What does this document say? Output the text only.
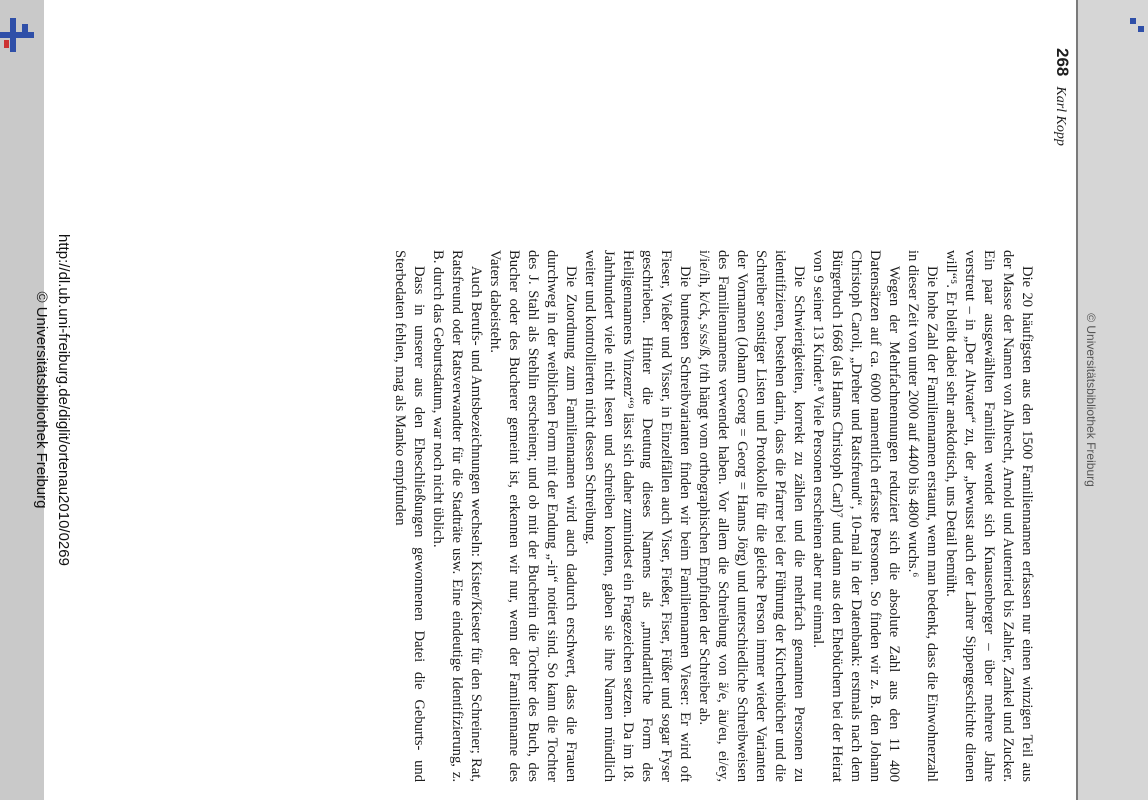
© Universitätsbibliothek Freiburg
268
Karl Kopp

Die 20 häufigsten aus den 1500 Familiennamen erfassen nur einen winzigen Teil aus der Masse der Namen von Albrecht, Arnold und Autenried bis Zahler, Zankel und Zucker. Ein paar ausgewählten Familien wendet sich Knausenberger – über mehrere Jahre verstreut – in „Der Altvater“ zu, der „bewusst auch der Lahrer Sippengeschichte dienen will“⁵. Er bleibt dabei sehr anekdotisch, uns Detail bemüht.

Die hohe Zahl der Familiennamen erstaunt, wenn man bedenkt, dass die Einwohnerzahl in dieser Zeit von unter 2000 auf 4400 bis 4800 wuchs.⁶

Wegen der Mehrfachnennungen reduziert sich die absolute Zahl aus den 11 400 Datensätzen auf ca. 6000 namentlich erfasste Personen. So finden wir z. B. den Johann Christoph Caroli, „Dreher und Ratsfreund“, 10-mal in der Datenbank: erstmals nach dem Bürgerbuch 1668 (als Hanns Christoph Carl)⁷ und dann aus den Ehebüchern bei der Heirat von 9 seiner 13 Kinder.⁸ Viele Personen erscheinen aber nur einmal.

Die Schwierigkeiten, korrekt zu zählen und die mehrfach genannten Personen zu identifizieren, bestehen darin, dass die Pfarrer bei der Führung der Kirchenbücher und die Schreiber sonstiger Listen und Protokolle für die gleiche Person immer wieder Varianten der Vornamen (Johann Georg = Georg = Hanns Jörg) und unterschiedliche Schreibweisen des Familiennamens verwendet haben. Vor allem die Schreibung von ä/e, äu/eu, ei/ey, i/ie/ih, k/ck, s/ss/ß, t/th hängt vom orthographischen Empfinden der Schreiber ab.

Die buntesten Schreibvarianten finden wir beim Familiennamen Vieser: Er wird oft Fieser, Vießer und Visser, in Einzelfällen auch Viser, Fießer, Fiser, Füßer und sogar Fyser geschrieben. Hinter die Deutung dieses Namens als „mundartliche Form des Heiligennamens Vinzenz“⁹ lässt sich daher zumindest ein Fragezeichen setzen. Da im 18. Jahrhundert viele nicht lesen und schreiben konnten, gaben sie ihre Namen mündlich weiter und kontrollierten nicht dessen Schreibung.

Die Zuordnung zum Familiennamen wird auch dadurch erschwert, dass die Frauen durchweg in der weiblichen Form mit der Endung „-in“ notiert sind. So kann die Tochter des J. Stahl als Stehlin erscheinen; und ob mit der Bucherin die Tochter des Buch, des Bucher oder des Bucherer gemeint ist, erkennen wir nur, wenn der Familienname des Vaters dabeisteht.

Auch Berufs- und Amtsbezeichnungen wechseln: Kister/Kiester für den Schreiner; Rat, Ratsfreund oder Ratsverwandter für die Stadträte usw. Eine eindeutige Identifizierung, z. B. durch das Geburtsdatum, war noch nicht üblich.

Dass in unserer aus den Eheschließungen gewonnenen Datei die Geburts- und Sterbedaten fehlen, mag als Manko empfunden

http://dl.ub.uni-freiburg.de/diglit/ortenau2010/0269
© Universitätsbibliothek Freiburg
